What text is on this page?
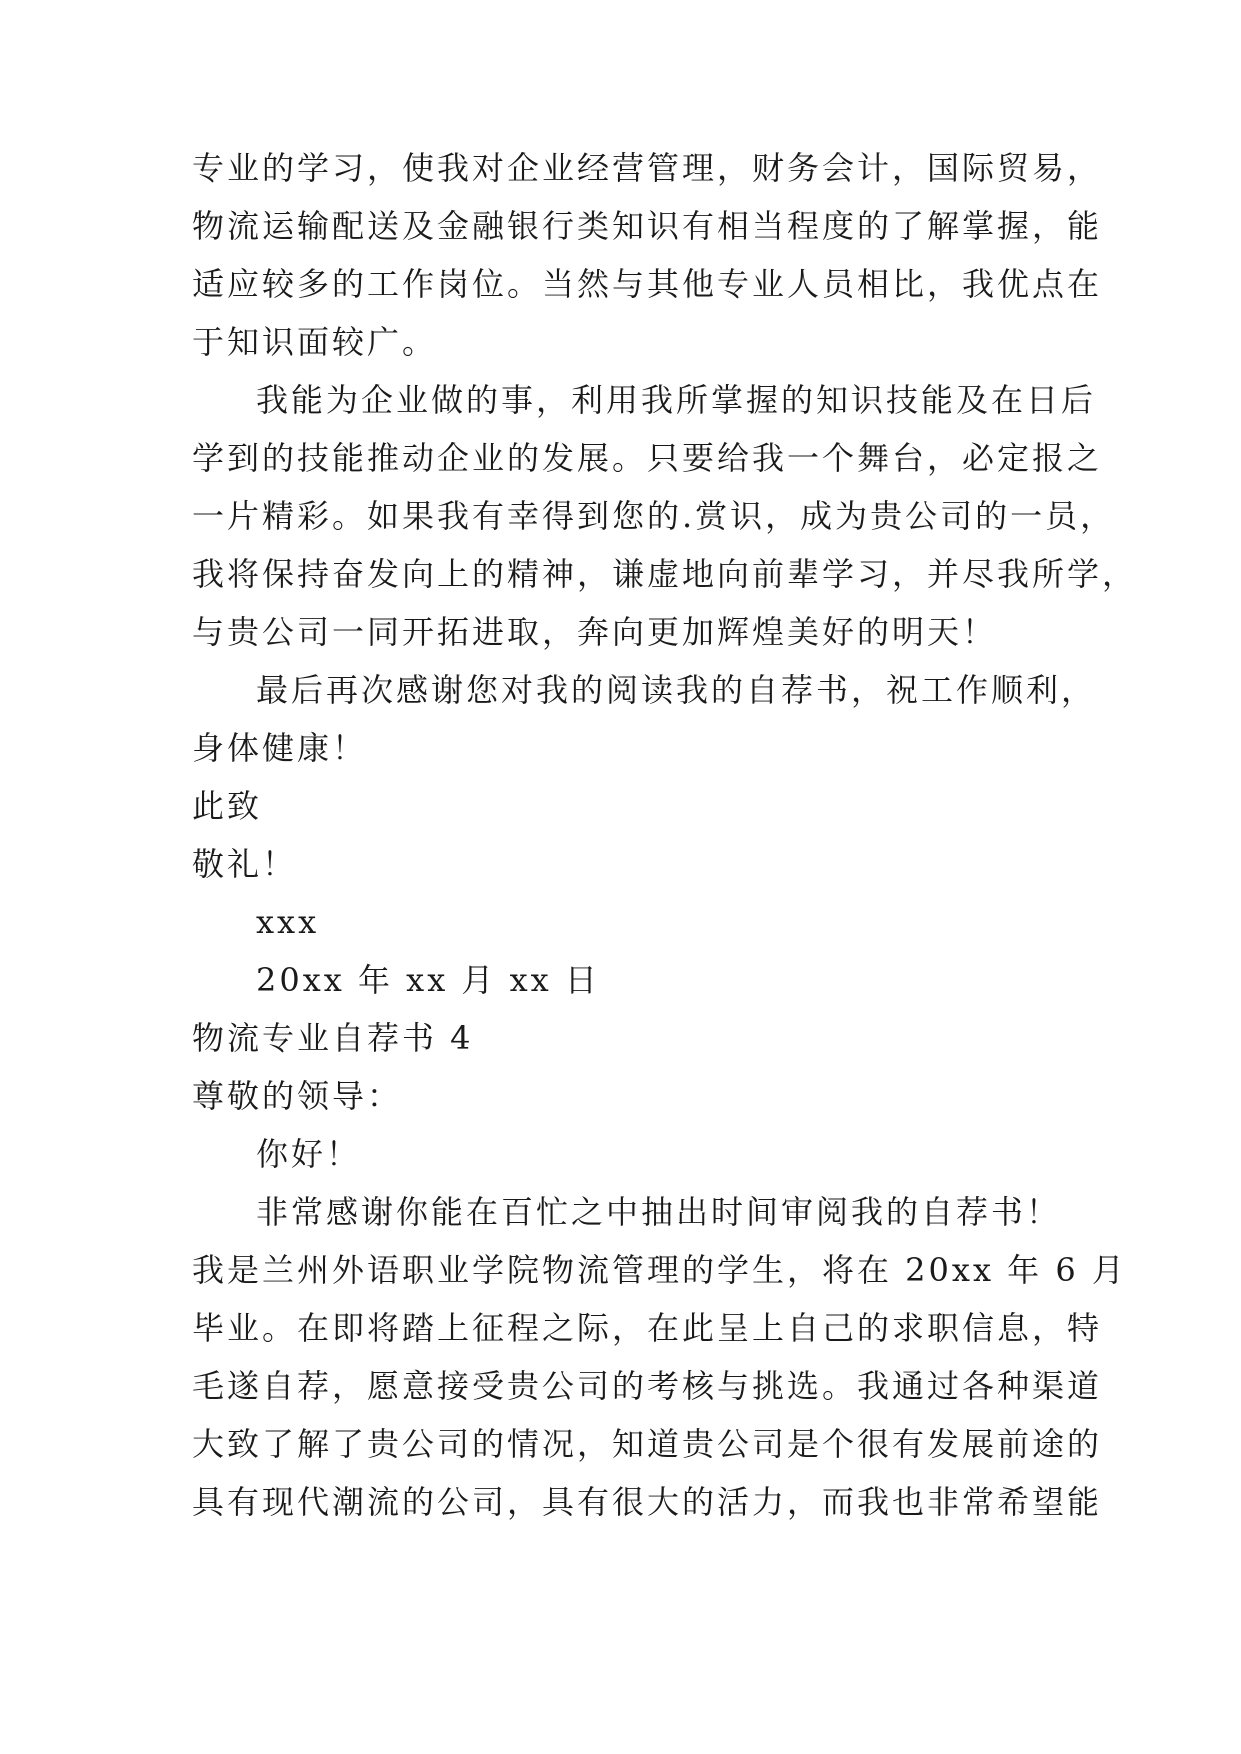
专业的学习，使我对企业经营管理，财务会计，国际贸易，
物流运输配送及金融银行类知识有相当程度的了解掌握，能
适应较多的工作岗位。当然与其他专业人员相比，我优点在
于知识面较广。
我能为企业做的事，利用我所掌握的知识技能及在日后
学到的技能推动企业的发展。只要给我一个舞台，必定报之
一片精彩。如果我有幸得到您的.赏识，成为贵公司的一员，
我将保持奋发向上的精神，谦虚地向前辈学习，并尽我所学，
与贵公司一同开拓进取，奔向更加辉煌美好的明天！
最后再次感谢您对我的阅读我的自荐书，祝工作顺利，
身体健康！
此致
敬礼！
xxx
20xx 年 xx 月 xx 日
物流专业自荐书 4
尊敬的领导：
你好！
非常感谢你能在百忙之中抽出时间审阅我的自荐书！
我是兰州外语职业学院物流管理的学生，将在 20xx 年 6 月
毕业。在即将踏上征程之际，在此呈上自己的求职信息，特
毛遂自荐，愿意接受贵公司的考核与挑选。我通过各种渠道
大致了解了贵公司的情况，知道贵公司是个很有发展前途的
具有现代潮流的公司，具有很大的活力，而我也非常希望能
